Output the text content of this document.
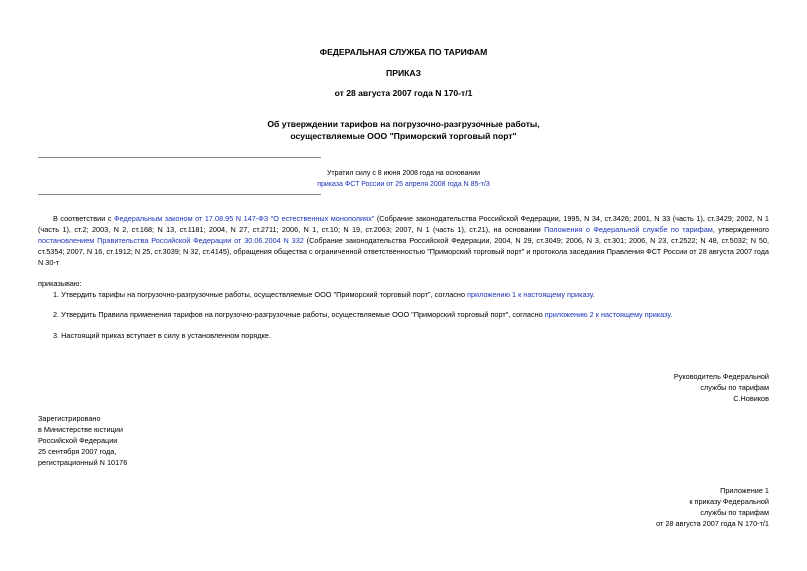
ФЕДЕРАЛЬНАЯ СЛУЖБА ПО ТАРИФАМ
ПРИКАЗ
от 28 августа 2007 года N 170-т/1
Об утверждении тарифов на погрузочно-разгрузочные работы,
осуществляемые ООО "Приморский торговый порт"
Утратил силу с 8 июня 2008 года на основании
приказа ФСТ России от 25 апреля 2008 года N 85-т/3
В соответствии с Федеральным законом от 17.08.95 N 147-ФЗ "О естественных монополиях" (Собрание законодательства Российской Федерации, 1995, N 34, ст.3426; 2001, N 33 (часть 1), ст.3429; 2002, N 1 (часть 1), ст.2; 2003, N 2, ст.168; N 13, ст.1181; 2004, N 27, ст.2711; 2006, N 1, ст.10; N 19, ст.2063; 2007, N 1 (часть 1), ст.21), на основании Положения о Федеральной службе по тарифам, утвержденного постановлением Правительства Российской Федерации от 30.06.2004 N 332 (Собрание законодательства Российской Федерации, 2004, N 29, ст.3049; 2006, N 3, ст.301; 2006, N 23, ст.2522; N 48, ст.5032; N 50, ст.5354; 2007, N 16, ст.1912; N 25, ст.3039; N 32, ст.4145), обращения общества с ограниченной ответственностью "Приморский торговый порт" и протокола заседания Правления ФСТ России от 28 августа 2007 года N 30-т
приказываю:
1. Утвердить тарифы на погрузочно-разгрузочные работы, осуществляемые ООО "Приморский торговый порт", согласно приложению 1 к настоящему приказу.
2. Утвердить Правила применения тарифов на погрузочно-разгрузочные работы, осуществляемые ООО "Приморский торговый порт", согласно приложению 2 к настоящему приказу.
3. Настоящий приказ вступает в силу в установленном порядке.
Руководитель Федеральной
службы по тарифам
С.Новиков
Зарегистрировано
в Министерстве юстиции
Российской Федерации
25 сентября 2007 года,
регистрационный N 10176
Приложение 1
к приказу Федеральной
службы по тарифам
от 28 августа 2007 года N 170-т/1
